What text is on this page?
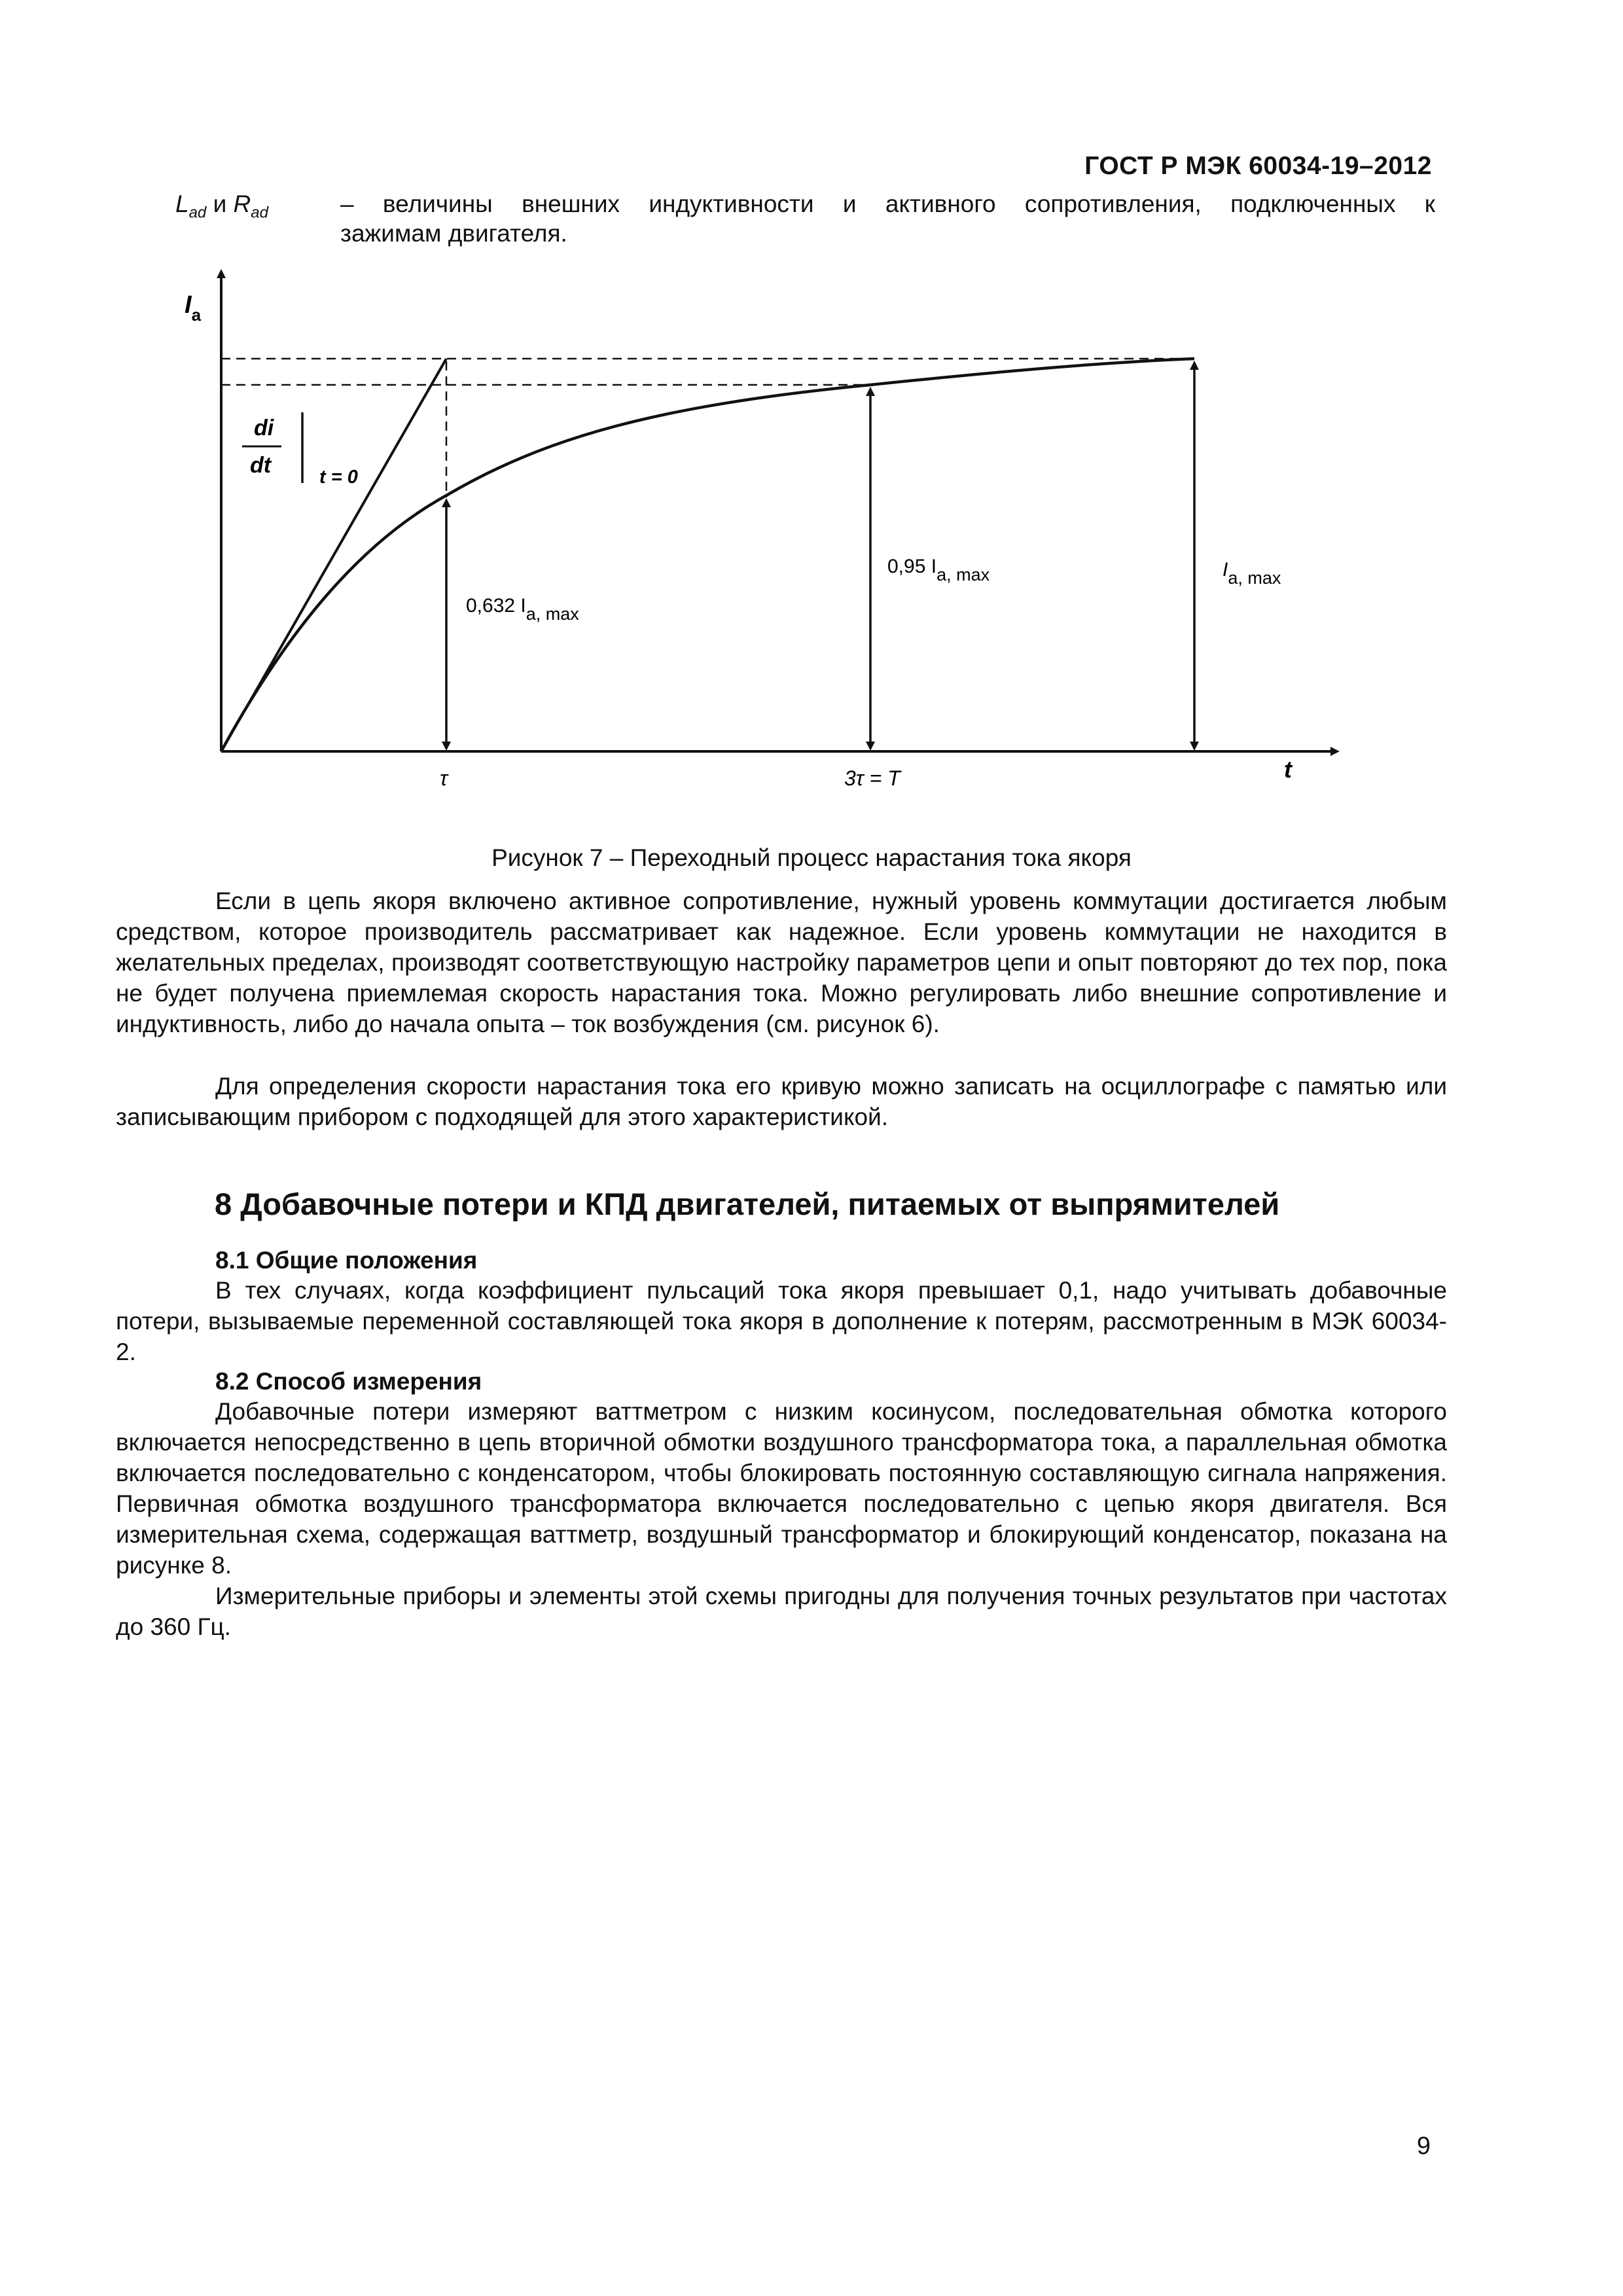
ГОСТ Р МЭК 60034-19–2012
$L_{ad}$ и $R_{ad}$	– величины внешних индуктивности и активного сопротивления, подключенных к
зажимам двигателя.
di
dt	t = 0
$I_a$
t
0,632 Ia, max
0,95 Ia, max	Ia, max
τ	3τ = T
Рисунок 7 – Переходный процесс нарастания тока якоря
Если в цепь якоря включено активное сопротивление, нужный уровень коммутации достигается любым средством, которое производитель рассматривает как надежное. Если уровень коммутации не находится в желательных пределах, производят соответствующую настройку параметров цепи и опыт повторяют до тех пор, пока не будет получена приемлемая скорость нарастания тока. Можно регулировать либо внешние сопротивление и индуктивность, либо до начала опыта – ток возбуждения (см. рисунок 6).
Для определения скорости нарастания тока его кривую можно записать на осциллографе с памятью или записывающим прибором с подходящей для этого характеристикой.
8 Добавочные потери и КПД двигателей, питаемых от выпрямителей
8.1 Общие положения
В тех случаях, когда коэффициент пульсаций тока якоря превышает 0,1, надо учитывать добавочные потери, вызываемые переменной составляющей тока якоря в дополнение к потерям, рассмотренным в МЭК 60034-2.
8.2 Способ измерения
Добавочные потери измеряют ваттметром с низким косинусом, последовательная обмотка которого включается непосредственно в цепь вторичной обмотки воздушного трансформатора тока, а параллельная обмотка включается последовательно с конденсатором, чтобы блокировать постоянную составляющую сигнала напряжения. Первичная обмотка воздушного трансформатора включается последовательно с цепью якоря двигателя. Вся измерительная схема, содержащая ваттметр, воздушный трансформатор и блокирующий конденсатор, показана на рисунке 8.
Измерительные приборы и элементы этой схемы пригодны для получения точных результатов при частотах до 360 Гц.
9
